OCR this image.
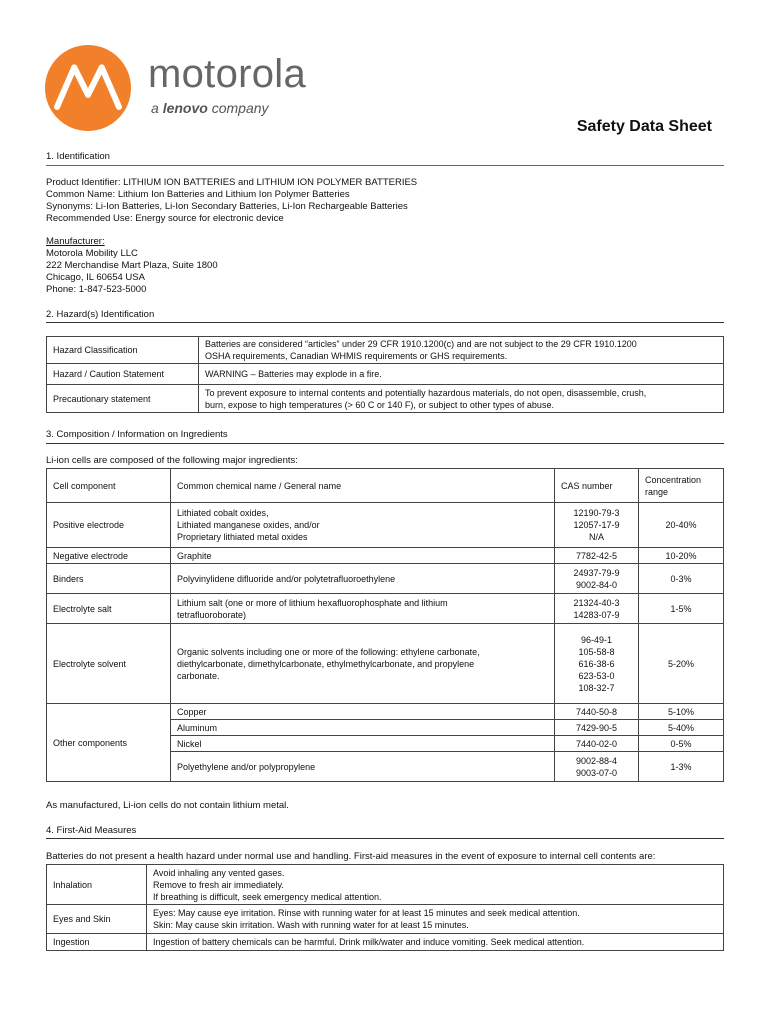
motorola
a lenovo company
Safety Data Sheet
1. Identification
Product Identifier: LITHIUM ION BATTERIES and LITHIUM ION POLYMER BATTERIES
Common Name: Lithium Ion Batteries and Lithium Ion Polymer Batteries
Synonyms: Li-Ion Batteries, Li-Ion Secondary Batteries, Li-Ion Rechargeable Batteries
Recommended Use: Energy source for electronic device
Manufacturer:
Motorola Mobility LLC
222 Merchandise Mart Plaza, Suite 1800
Chicago, IL 60654 USA
Phone: 1-847-523-5000
2. Hazard(s) Identification
Hazard Classification	Batteries are considered “articles” under 29 CFR 1910.1200(c) and are not subject to the 29 CFR 1910.1200
OSHA requirements, Canadian WHMIS requirements or GHS requirements.

Hazard / Caution Statement	WARNING – Batteries may explode in a fire.
Precautionary statement	To prevent exposure to internal contents and potentially hazardous materials, do not open, disassemble, crush,
burn, expose to high temperatures (> 60 C or 140 F), or subject to other types of abuse.
3. Composition / Information on Ingredients
Li-ion cells are composed of the following major ingredients:
Cell component	Common chemical name / General name	CAS number	Concentration
range

Positive electrode	Lithiated cobalt oxides,
Lithiated manganese oxides, and/or
Proprietary lithiated metal oxides	12190-79-3
12057-17-9
N/A	20-40%
Negative electrode	Graphite	7782-42-5	10-20%
Binders	Polyvinylidene difluoride and/or polytetrafluoroethylene	24937-79-9
9002-84-0	0-3%
Electrolyte salt	Lithium salt (one or more of lithium hexafluorophosphate and lithium
tetrafluoroborate)	21324-40-3
14283-07-9	1-5%
Electrolyte solvent	Organic solvents including one or more of the following: ethylene carbonate,
diethylcarbonate, dimethylcarbonate, ethylmethylcarbonate, and propylene
carbonate.	96-49-1
105-58-8
616-38-6
623-53-0
108-32-7	5-20%
Other components	Copper	7440-50-8	5-10%
	Aluminum	7429-90-5	5-40%
	Nickel	7440-02-0	0-5%
	Polyethylene and/or polypropylene	9002-88-4
9003-07-0	1-3%
As manufactured, Li-ion cells do not contain lithium metal.
4. First-Aid Measures
Batteries do not present a health hazard under normal use and handling. First-aid measures in the event of exposure to internal cell contents are:
Inhalation	Avoid inhaling any vented gases.
Remove to fresh air immediately.
If breathing is difficult, seek emergency medical attention.

Eyes and Skin	Eyes: May cause eye irritation. Rinse with running water for at least 15 minutes and seek medical attention.
Skin: May cause skin irritation. Wash with running water for at least 15 minutes.

Ingestion	Ingestion of battery chemicals can be harmful. Drink milk/water and induce vomiting. Seek medical attention.
